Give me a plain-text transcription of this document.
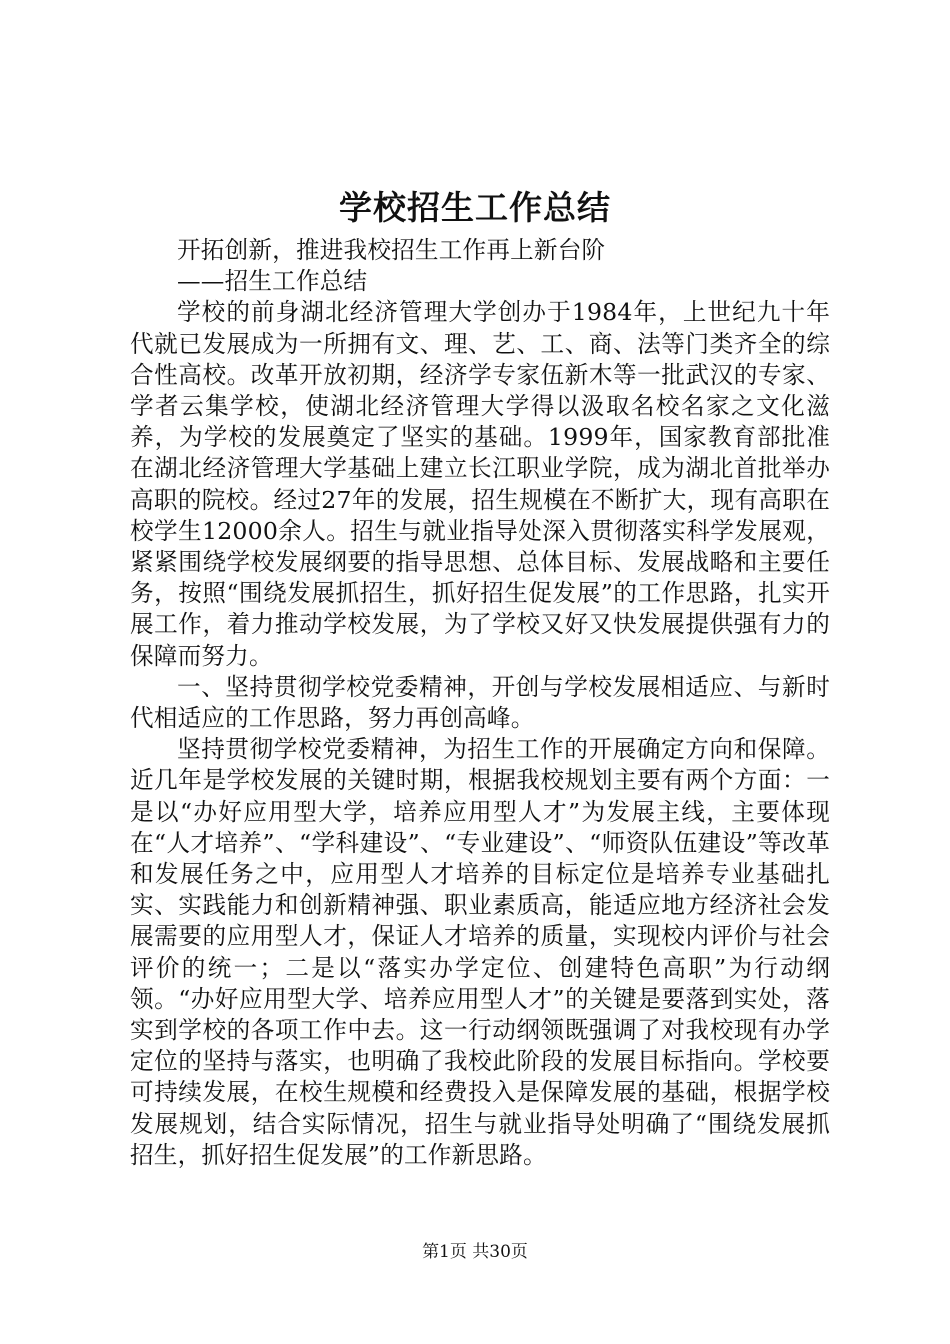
学校招生工作总结

开拓创新，推进我校招生工作再上新台阶

——招生工作总结

学校的前身湖北经济管理大学创办于1984年，上世纪九十年代就已发展成为一所拥有文、理、艺、工、商、法等门类齐全的综合性高校。改革开放初期，经济学专家伍新木等一批武汉的专家、学者云集学校，使湖北经济管理大学得以汲取名校名家之文化滋养，为学校的发展奠定了坚实的基础。1999年，国家教育部批准在湖北经济管理大学基础上建立长江职业学院，成为湖北首批举办高职的院校。经过27年的发展，招生规模在不断扩大，现有高职在校学生12000余人。招生与就业指导处深入贯彻落实科学发展观，紧紧围绕学校发展纲要的指导思想、总体目标、发展战略和主要任务，按照“围绕发展抓招生，抓好招生促发展”的工作思路，扎实开展工作，着力推动学校发展，为了学校又好又快发展提供强有力的保障而努力。

一、坚持贯彻学校党委精神，开创与学校发展相适应、与新时代相适应的工作思路，努力再创高峰。

坚持贯彻学校党委精神，为招生工作的开展确定方向和保障。近几年是学校发展的关键时期，根据我校规划主要有两个方面：一是以“办好应用型大学，培养应用型人才”为发展主线，主要体现在“人才培养”、“学科建设”、“专业建设”、“师资队伍建设”等改革和发展任务之中，应用型人才培养的目标定位是培养专业基础扎实、实践能力和创新精神强、职业素质高，能适应地方经济社会发展需要的应用型人才，保证人才培养的质量，实现校内评价与社会评价的统一；二是以“落实办学定位、创建特色高职”为行动纲领。“办好应用型大学、培养应用型人才”的关键是要落到实处，落实到学校的各项工作中去。这一行动纲领既强调了对我校现有办学定位的坚持与落实，也明确了我校此阶段的发展目标指向。学校要可持续发展，在校生规模和经费投入是保障发展的基础，根据学校发展规划，结合实际情况，招生与就业指导处明确了“围绕发展抓招生，抓好招生促发展”的工作新思路。

第1页 共30页
